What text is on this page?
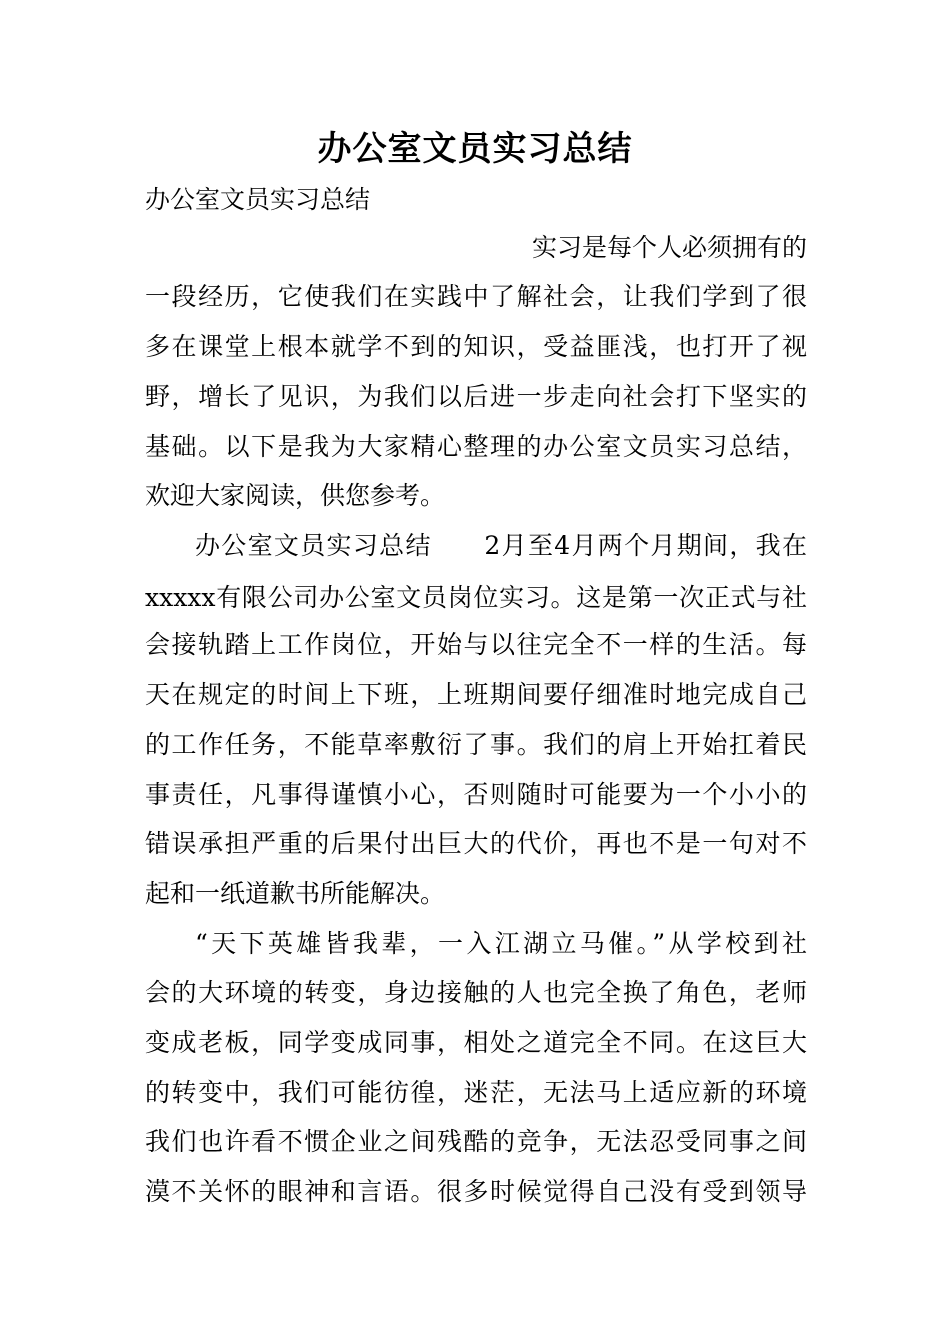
办公室文员实习总结
办公室文员实习总结
实习是每个人必须拥有的
一段经历，它使我们在实践中了解社会，让我们学到了很
多在课堂上根本就学不到的知识，受益匪浅，也打开了视
野，增长了见识，为我们以后进一步走向社会打下坚实的
基础。以下是我为大家精心整理的办公室文员实习总结，
欢迎大家阅读，供您参考。
办公室文员实习总结　　2月至4月两个月期间，我在
xxxxx有限公司办公室文员岗位实习。这是第一次正式与社
会接轨踏上工作岗位，开始与以往完全不一样的生活。每
天在规定的时间上下班，上班期间要仔细准时地完成自己
的工作任务，不能草率敷衍了事。我们的肩上开始扛着民
事责任，凡事得谨慎小心，否则随时可能要为一个小小的
错误承担严重的后果付出巨大的代价，再也不是一句对不
起和一纸道歉书所能解决。
“天下英雄皆我辈，一入江湖立马催。”从学校到社
会的大环境的转变，身边接触的人也完全换了角色，老师
变成老板，同学变成同事，相处之道完全不同。在这巨大
的转变中，我们可能彷徨，迷茫，无法马上适应新的环境
我们也许看不惯企业之间残酷的竞争，无法忍受同事之间
漠不关怀的眼神和言语。很多时候觉得自己没有受到领导
